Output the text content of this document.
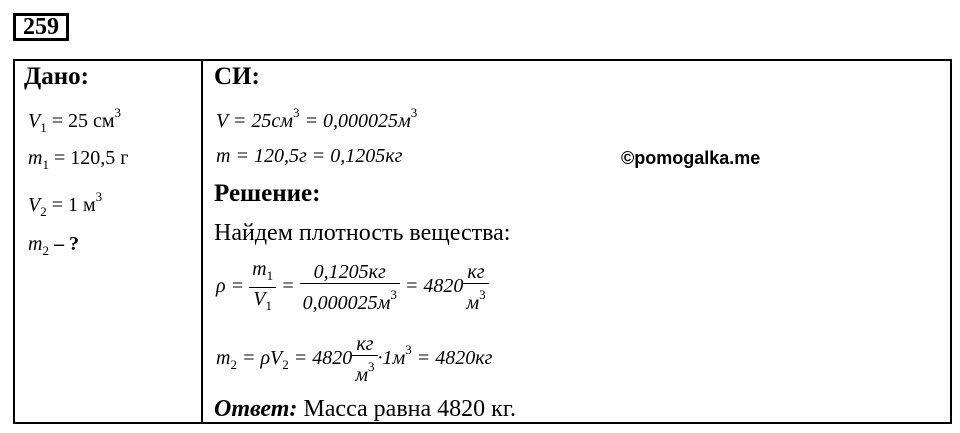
259
Дано:
$V_1 = 25$ $см^3$
$m_1 = 120,5$ г
$V_2 = 1$ $м^3$
$m_2$ – ?
СИ:
$V = 25см^3 = 0,000025м^3$
m = 120,5г = 0,1205кг	©pomogalka.me
Решение:
Найдем плотность вещества:
$\rho = \frac{m_1}{V_1} = \frac{0,1205кг}{0,000025м^3} = 4820 \frac{кг}{м^3}$
$m_2 = \rho V_2 = 4820 \frac{кг}{м^3} \cdot 1м^3 = 4820кг$
Ответ: Масса равна 4820 кг.
